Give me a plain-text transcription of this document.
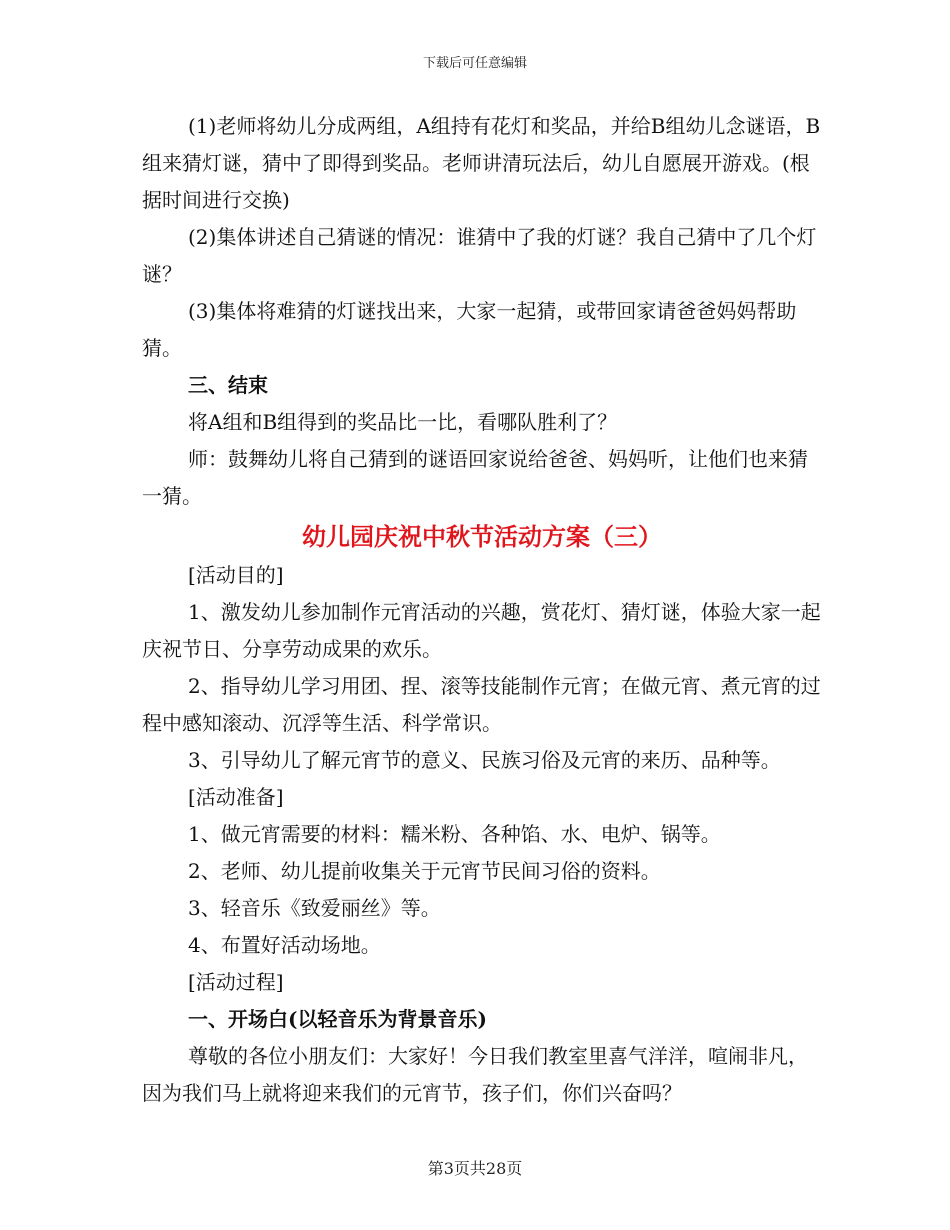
下载后可任意编辑

(1)老师将幼儿分成两组，A组持有花灯和奖品，并给B组幼儿念谜语，B组来猜灯谜，猜中了即得到奖品。老师讲清玩法后，幼儿自愿展开游戏。(根据时间进行交换)

(2)集体讲述自己猜谜的情况：谁猜中了我的灯谜？我自己猜中了几个灯谜？

(3)集体将难猜的灯谜找出来，大家一起猜，或带回家请爸爸妈妈帮助猜。

三、结束

将A组和B组得到的奖品比一比，看哪队胜利了？

师：鼓舞幼儿将自己猜到的谜语回家说给爸爸、妈妈听，让他们也来猜一猜。

幼儿园庆祝中秋节活动方案（三）

[活动目的]

1、激发幼儿参加制作元宵活动的兴趣，赏花灯、猜灯谜，体验大家一起庆祝节日、分享劳动成果的欢乐。

2、指导幼儿学习用团、捏、滚等技能制作元宵；在做元宵、煮元宵的过程中感知滚动、沉浮等生活、科学常识。

3、引导幼儿了解元宵节的意义、民族习俗及元宵的来历、品种等。

[活动准备]

1、做元宵需要的材料：糯米粉、各种馅、水、电炉、锅等。

2、老师、幼儿提前收集关于元宵节民间习俗的资料。

3、轻音乐《致爱丽丝》等。

4、布置好活动场地。

[活动过程]

一、开场白(以轻音乐为背景音乐)

尊敬的各位小朋友们：大家好！今日我们教室里喜气洋洋，喧闹非凡，因为我们马上就将迎来我们的元宵节，孩子们，你们兴奋吗？

第3页共28页
